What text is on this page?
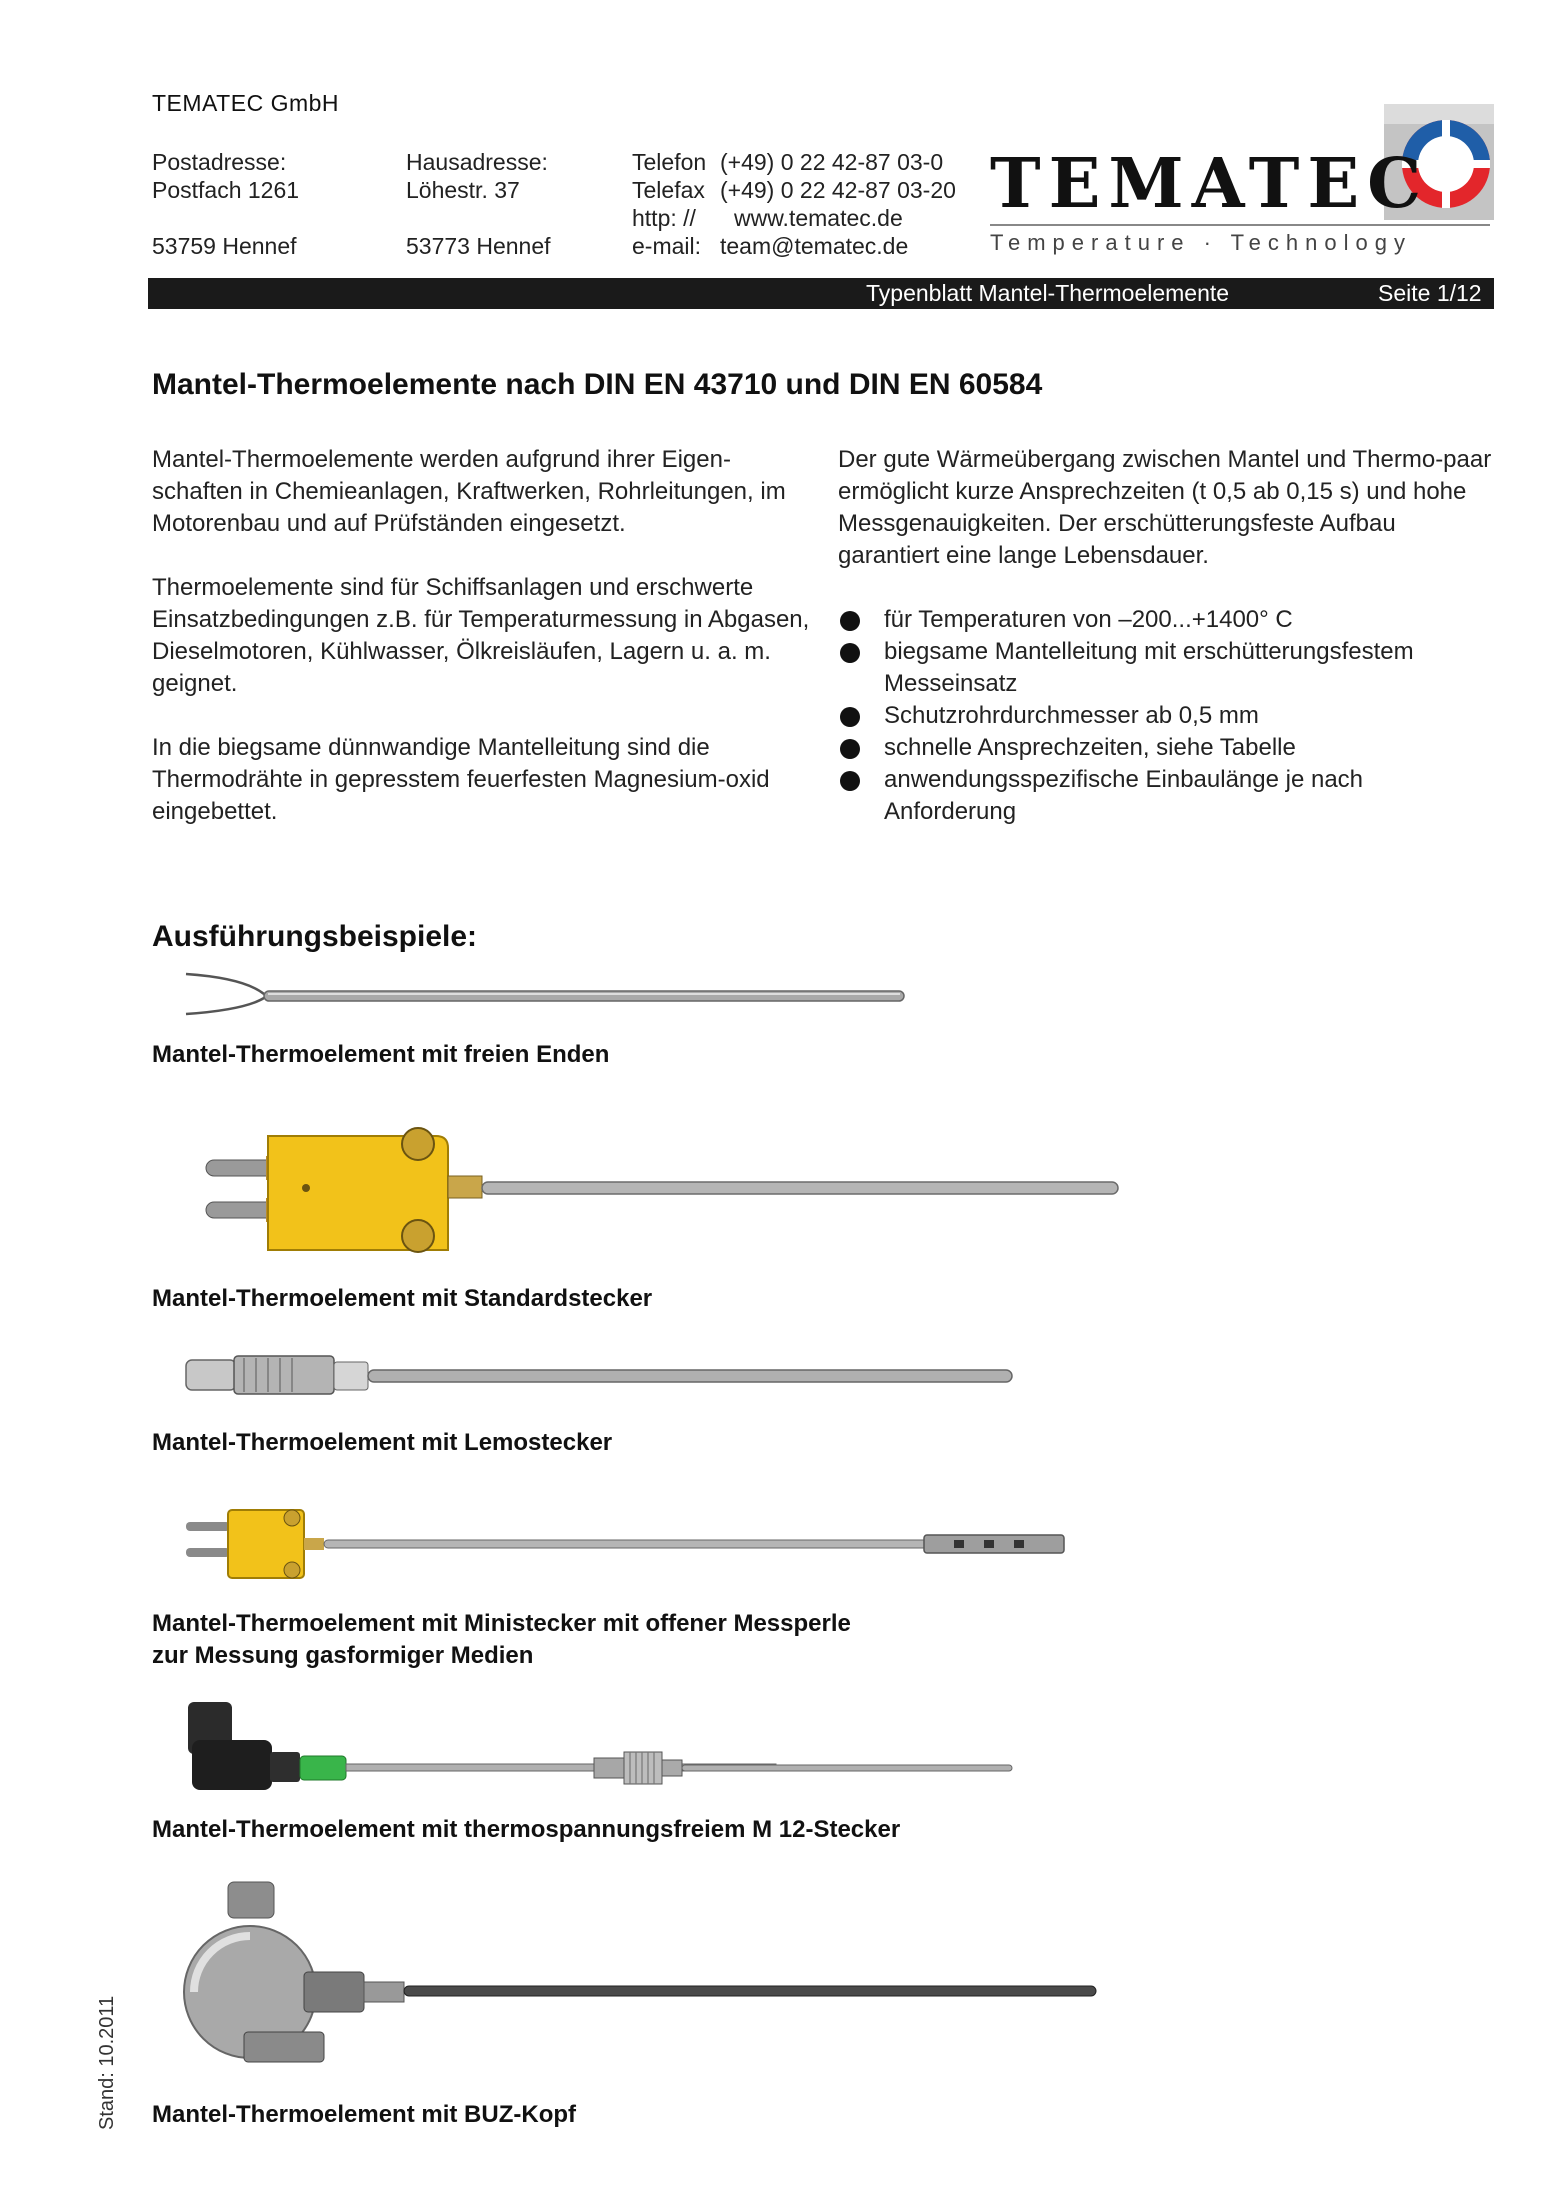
TEMATEC GmbH
Postadresse:
Postfach 1261
53759 Hennef
Hausadresse:
Löhestr. 37
53773 Hennef
Telefon
Telefax
http: //
e-mail:
(+49) 0 22 42-87 03-0
(+49) 0 22 42-87 03-20
www.tematec.de
team@tematec.de
TEMATEC
Temperature · Technology
Typenblatt Mantel-Thermoelemente	Seite 1/12
Mantel-Thermoelemente nach DIN EN 43710 und DIN EN 60584

Mantel-Thermoelemente werden aufgrund ihrer Eigen-schaften in Chemieanlagen, Kraftwerken, Rohrleitungen, im Motorenbau und auf Prüfständen eingesetzt.

Thermoelemente sind für Schiffsanlagen und erschwerte Einsatzbedingungen z.B. für Temperaturmessung in Abgasen, Dieselmotoren, Kühlwasser, Ölkreisläufen, Lagern u. a. m. geignet.

In die biegsame dünnwandige Mantelleitung sind die Thermodrähte in gepresstem feuerfesten Magnesium-oxid eingebettet.

Der gute Wärmeübergang zwischen Mantel und Thermo-paar ermöglicht kurze Ansprechzeiten (t 0,5 ab 0,15 s) und hohe Messgenauigkeiten. Der erschütterungsfeste Aufbau garantiert eine lange Lebensdauer.

für Temperaturen von –200...+1400° C
biegsame Mantelleitung mit erschütterungsfestem Messeinsatz
Schutzrohrdurchmesser ab 0,5 mm
schnelle Ansprechzeiten, siehe Tabelle
anwendungsspezifische Einbaulänge je nach Anforderung
Ausführungsbeispiele:
Mantel-Thermoelement mit freien Enden
Mantel-Thermoelement mit Standardstecker
Mantel-Thermoelement mit Lemostecker
Mantel-Thermoelement mit Ministecker mit offener Messperle
zur Messung gasformiger Medien
Mantel-Thermoelement mit thermospannungsfreiem M 12-Stecker
Mantel-Thermoelement mit BUZ-Kopf
Stand: 10.2011
